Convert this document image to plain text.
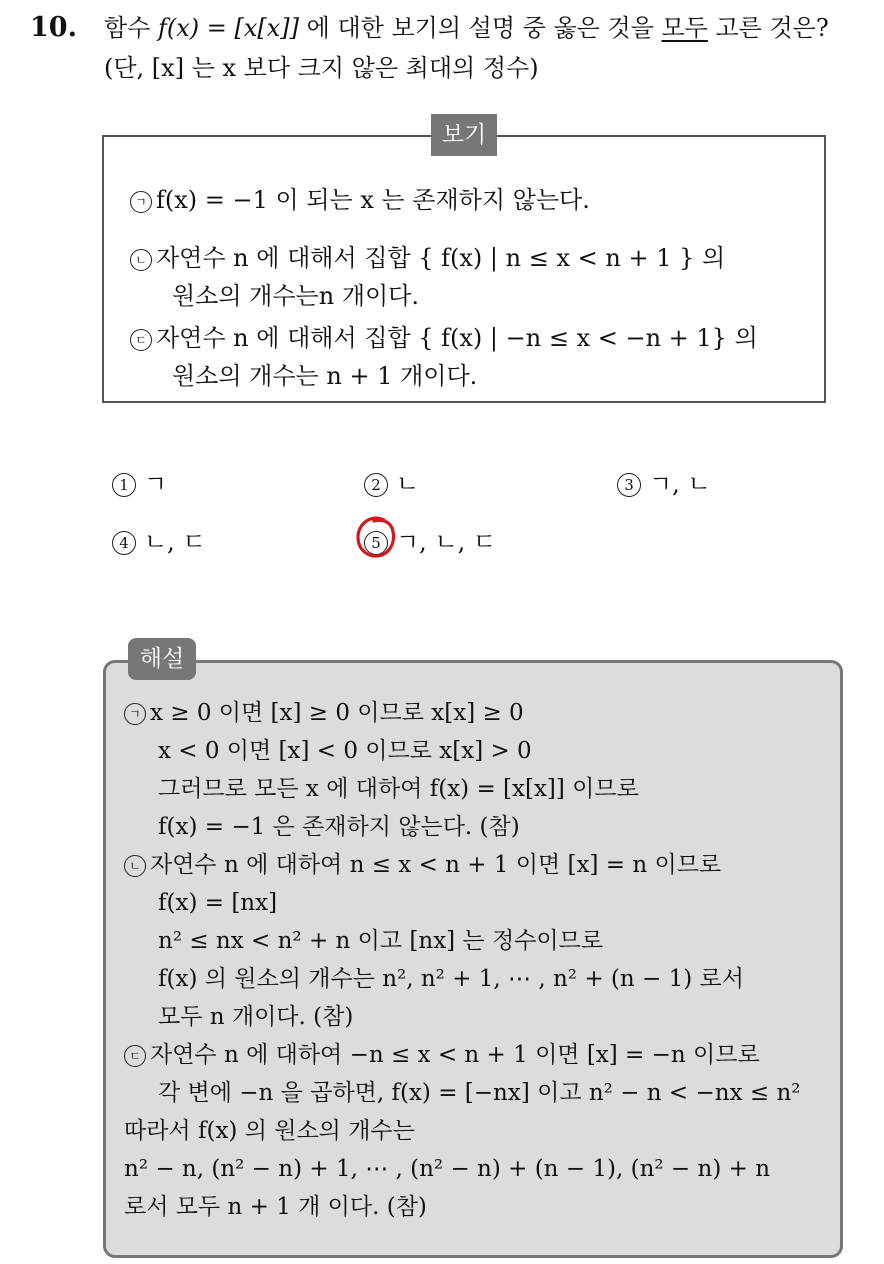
10. 함수 f(x) = [x[x]] 에 대한 보기의 설명 중 옳은 것을 모두 고른 것은?
(단, [x] 는 x 보다 크지 않은 최대의 정수)
보기
ㄱ f(x) = −1 이 되는 x 는 존재하지 않는다.
ㄴ 자연수 n 에 대해서 집합 { f(x) | n ≤ x < n + 1 } 의
원소의 개수는n 개이다.
ㄷ 자연수 n 에 대해서 집합 { f(x) | −n ≤ x < −n + 1} 의
원소의 개수는 n + 1 개이다.
1 ㄱ	2 ㄴ	3 ㄱ, ㄴ
4 ㄴ, ㄷ	5 ㄱ, ㄴ, ㄷ
해설
ㄱ x ≥ 0 이면 [x] ≥ 0 이므로 x[x] ≥ 0
x < 0 이면 [x] < 0 이므로 x[x] > 0
그러므로 모든 x 에 대하여 f(x) = [x[x]] 이므로
f(x) = −1 은 존재하지 않는다. (참)
ㄴ 자연수 n 에 대하여 n ≤ x < n + 1 이면 [x] = n 이므로
f(x) = [nx]
n² ≤ nx < n² + n 이고 [nx] 는 정수이므로
f(x) 의 원소의 개수는 n², n² + 1, ⋯ , n² + (n − 1) 로서
모두 n 개이다. (참)
ㄷ 자연수 n 에 대하여 −n ≤ x < n + 1 이면 [x] = −n 이므로
각 변에 −n 을 곱하면, f(x) = [−nx] 이고 n² − n < −nx ≤ n²
따라서 f(x) 의 원소의 개수는
n² − n, (n² − n) + 1, ⋯ , (n² − n) + (n − 1), (n² − n) + n
로서 모두 n + 1 개 이다. (참)
